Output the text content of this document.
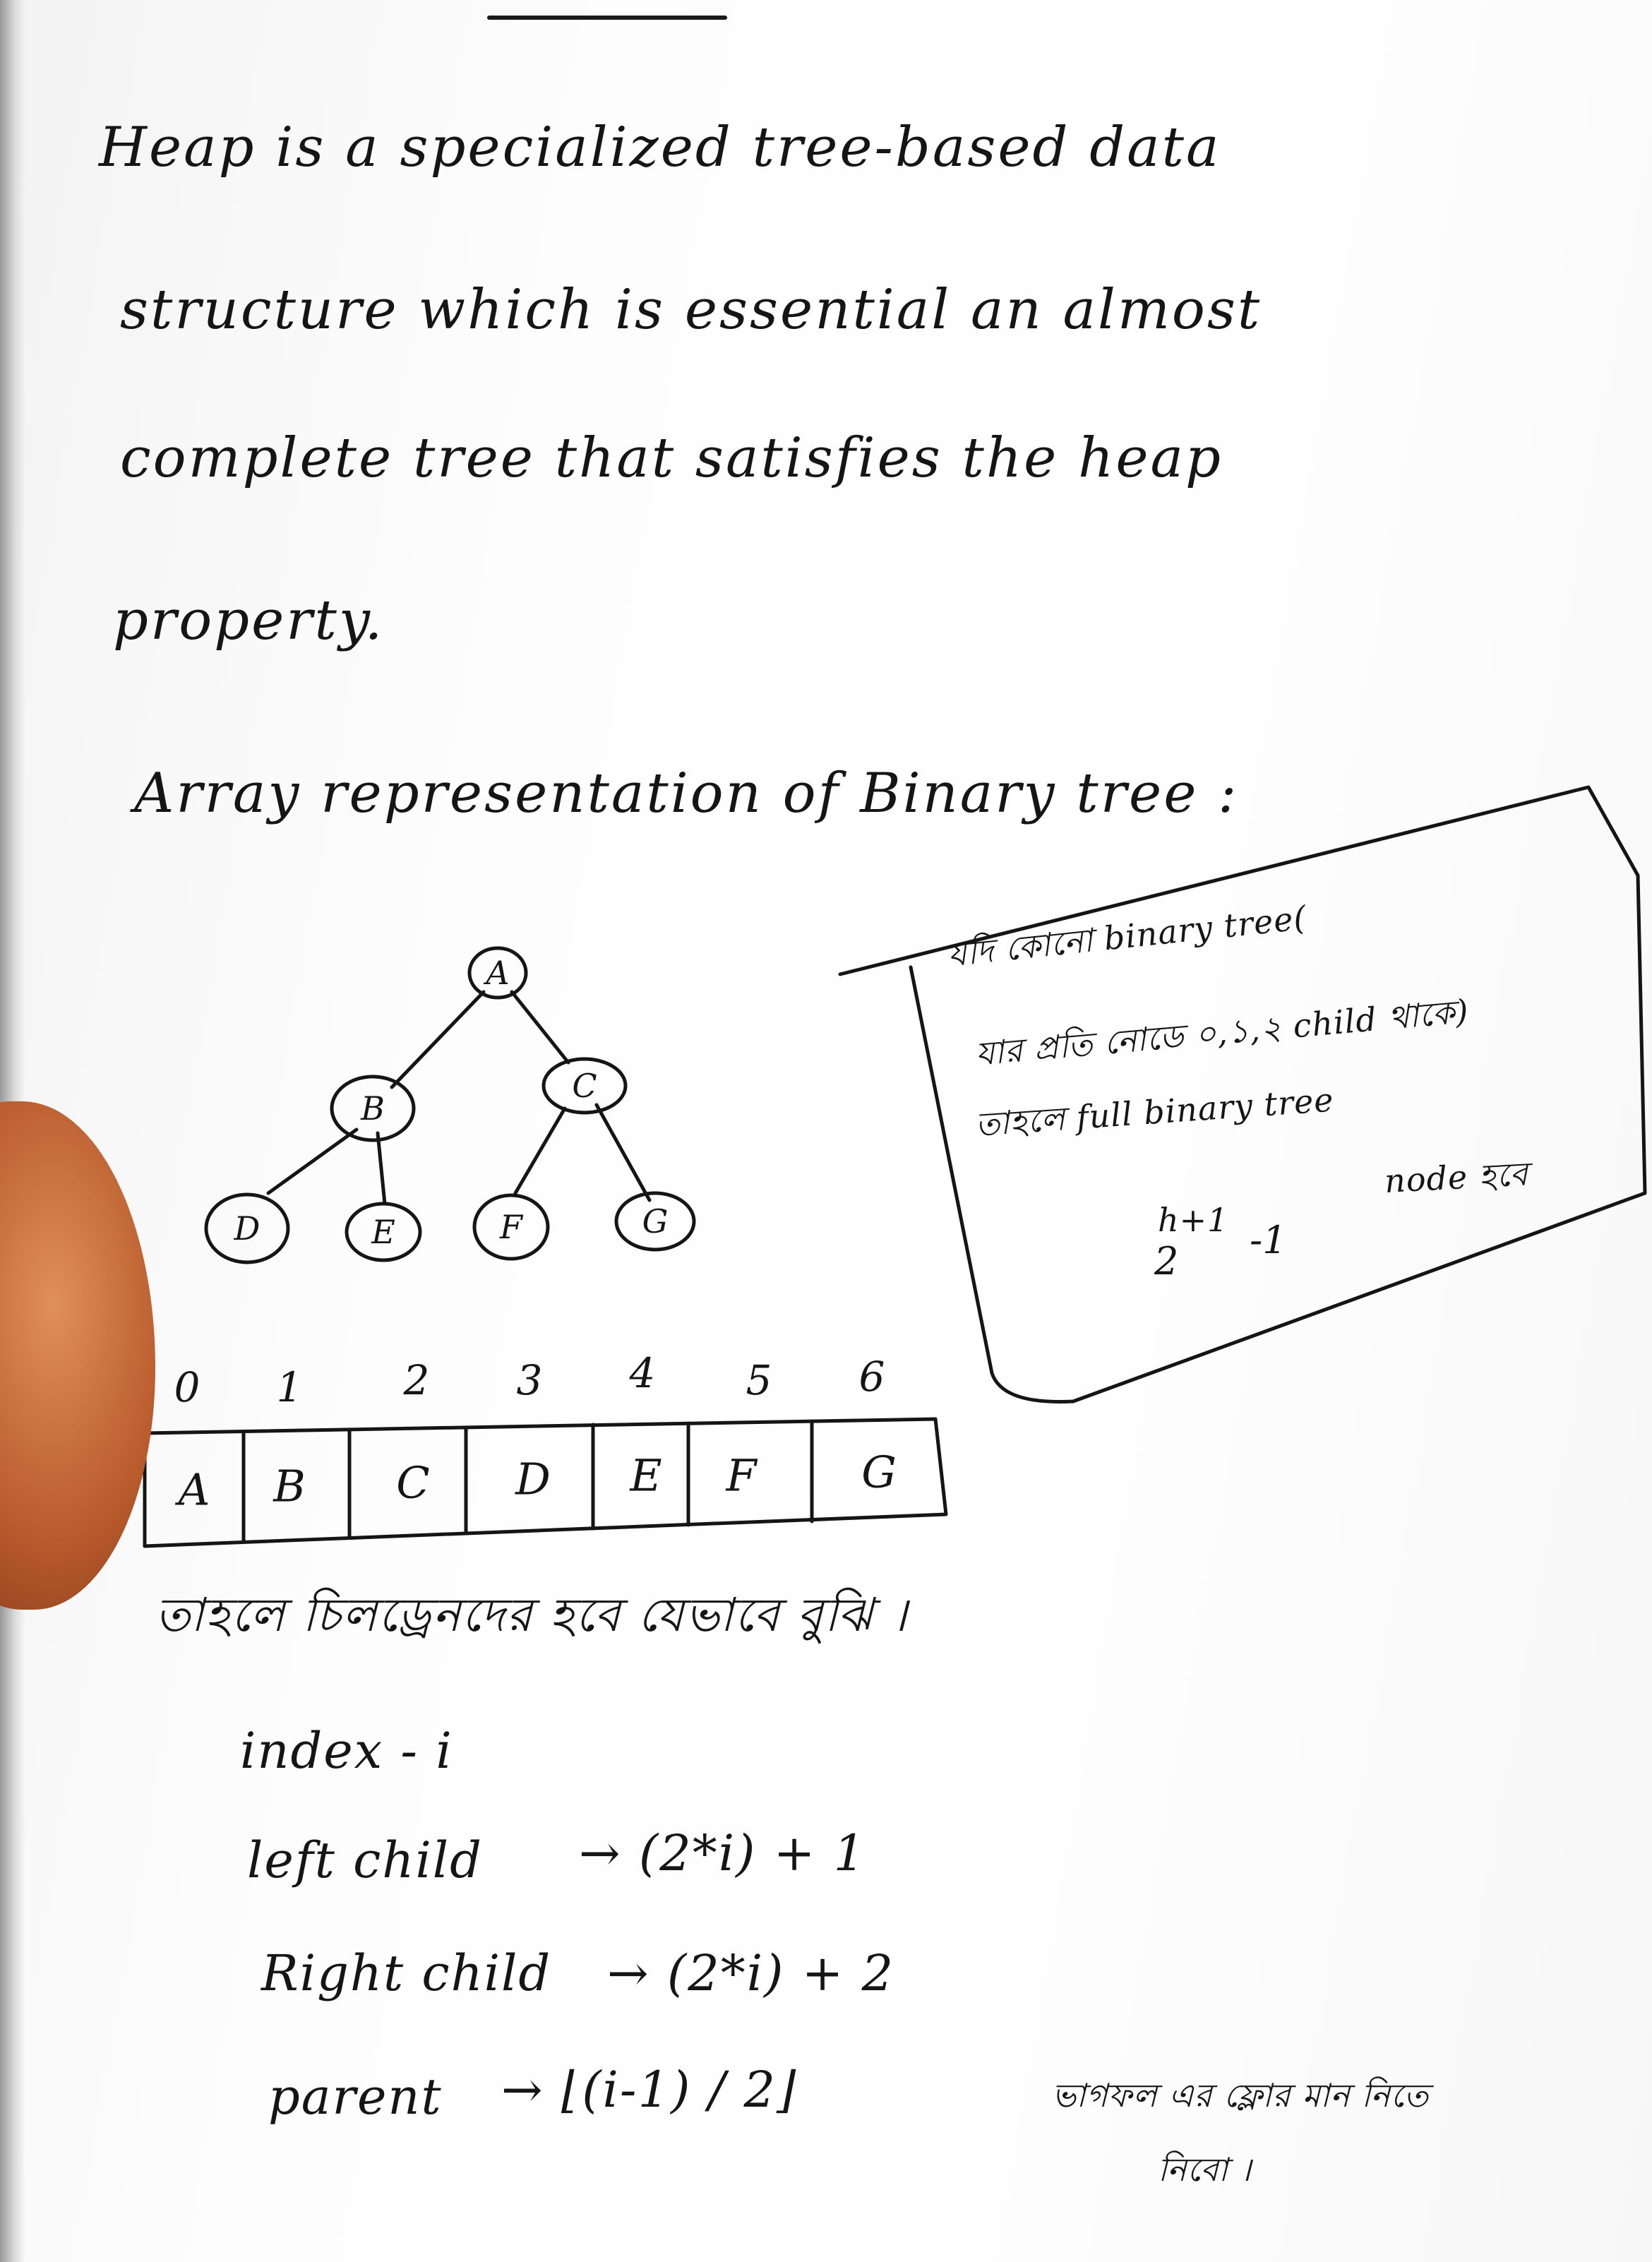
Heap is a specialized tree-based data
structure which is essential an almost
complete tree that satisfies the heap
property.
Array representation of Binary tree :
A
B
C
D	E	F	G
যদি কোনো binary tree(
যার প্রতি নোডে ০,১,২ child থাকে)
তাহলে full binary tree
node হবে
2
h+1 -1
0 1 2 3 4 5 6
A B C D E F G
তাহলে চিলড্রেনদের হবে যেভাবে বুঝি ।
index - i
left child → (2*i) + 1
Right child → (2*i) + 2
parent → ⌊(i-1) / 2⌋	ভাগফল এর ফ্লোর মান নিতে
নিবো ।
